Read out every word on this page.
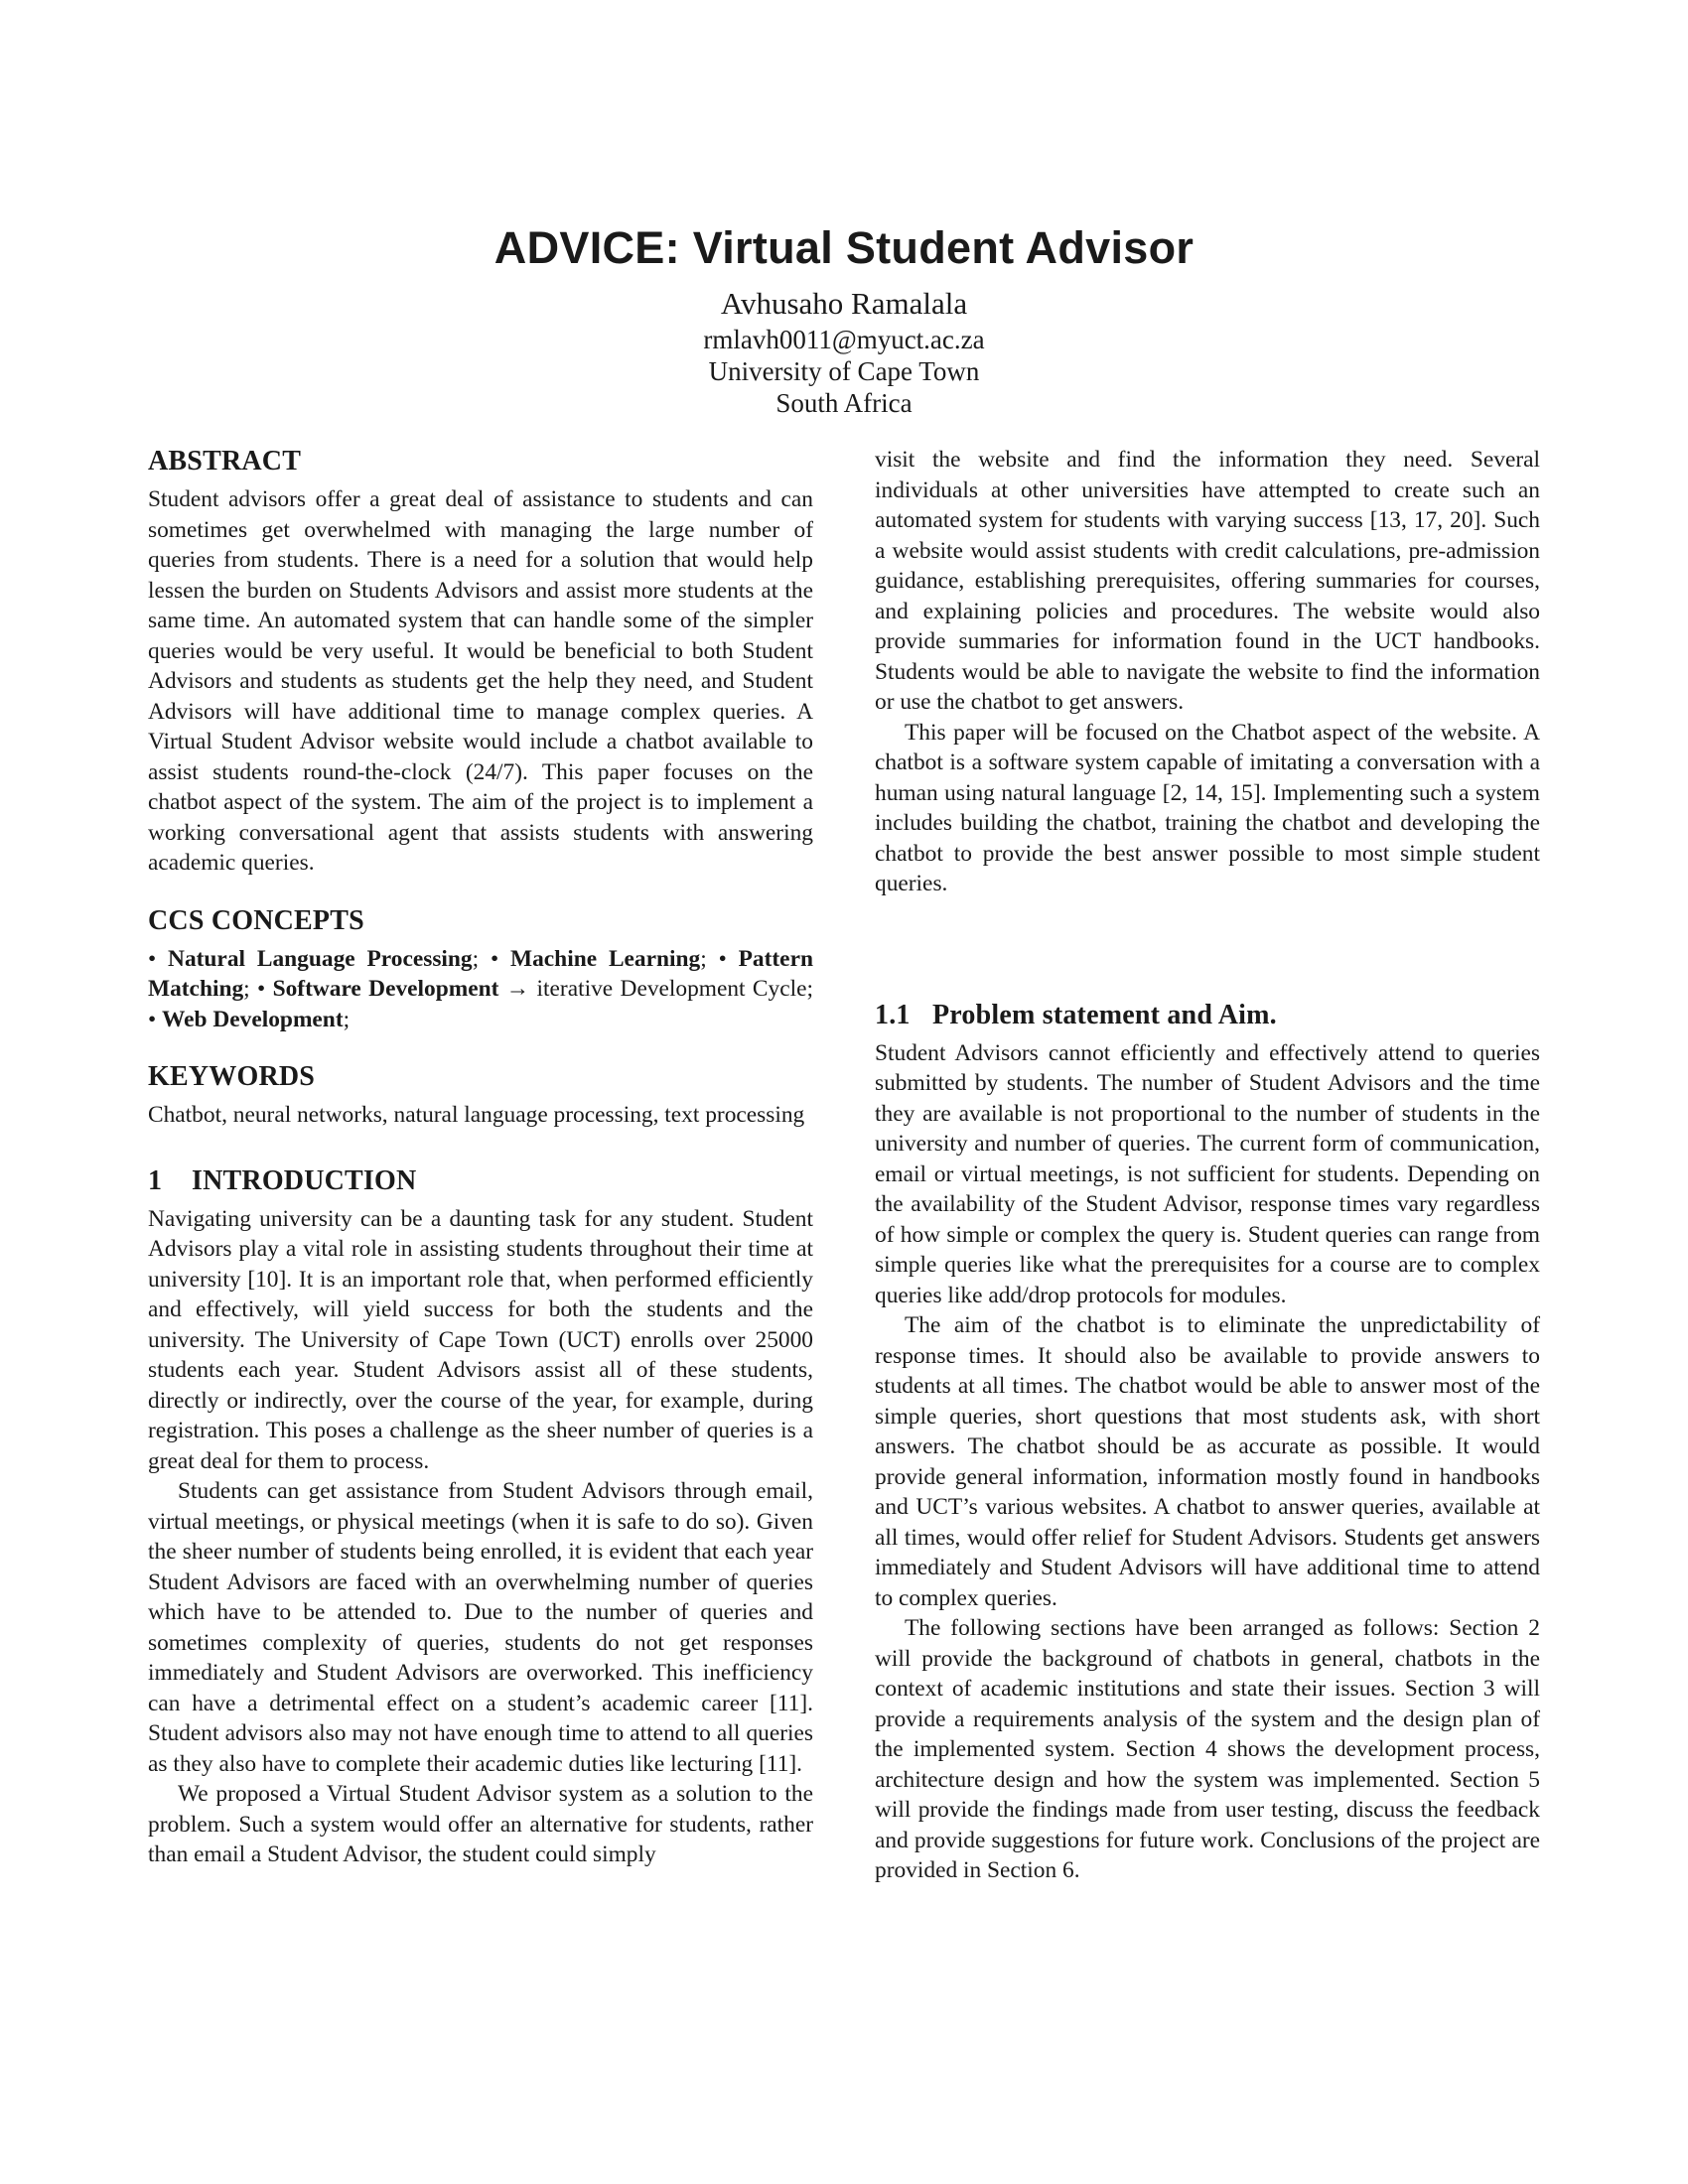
ADVICE: Virtual Student Advisor
Avhusaho Ramalala
rmlavh0011@myuct.ac.za
University of Cape Town
South Africa
ABSTRACT

Student advisors offer a great deal of assistance to students and can sometimes get overwhelmed with managing the large number of queries from students. There is a need for a solution that would help lessen the burden on Students Advisors and assist more students at the same time. An automated system that can handle some of the simpler queries would be very useful. It would be beneficial to both Student Advisors and students as students get the help they need, and Student Advisors will have additional time to manage complex queries. A Virtual Student Advisor website would include a chatbot available to assist students round-the-clock (24/7). This paper focuses on the chatbot aspect of the system. The aim of the project is to implement a working conversational agent that assists students with answering academic queries.

CCS CONCEPTS

• Natural Language Processing; • Machine Learning; • Pattern Matching; • Software Development → iterative Development Cycle; • Web Development;

KEYWORDS

Chatbot, neural networks, natural language processing, text processing

1 INTRODUCTION

Navigating university can be a daunting task for any student. Student Advisors play a vital role in assisting students throughout their time at university [10]. It is an important role that, when performed efficiently and effectively, will yield success for both the students and the university. The University of Cape Town (UCT) enrolls over 25000 students each year. Student Advisors assist all of these students, directly or indirectly, over the course of the year, for example, during registration. This poses a challenge as the sheer number of queries is a great deal for them to process.

Students can get assistance from Student Advisors through email, virtual meetings, or physical meetings (when it is safe to do so). Given the sheer number of students being enrolled, it is evident that each year Student Advisors are faced with an overwhelming number of queries which have to be attended to. Due to the number of queries and sometimes complexity of queries, students do not get responses immediately and Student Advisors are overworked. This inefficiency can have a detrimental effect on a student’s academic career [11]. Student advisors also may not have enough time to attend to all queries as they also have to complete their academic duties like lecturing [11].

We proposed a Virtual Student Advisor system as a solution to the problem. Such a system would offer an alternative for students, rather than email a Student Advisor, the student could simply

visit the website and find the information they need. Several individuals at other universities have attempted to create such an automated system for students with varying success [13, 17, 20]. Such a website would assist students with credit calculations, pre-admission guidance, establishing prerequisites, offering summaries for courses, and explaining policies and procedures. The website would also provide summaries for information found in the UCT handbooks. Students would be able to navigate the website to find the information or use the chatbot to get answers.

This paper will be focused on the Chatbot aspect of the website. A chatbot is a software system capable of imitating a conversation with a human using natural language [2, 14, 15]. Implementing such a system includes building the chatbot, training the chatbot and developing the chatbot to provide the best answer possible to most simple student queries.

1.1 Problem statement and Aim.

Student Advisors cannot efficiently and effectively attend to queries submitted by students. The number of Student Advisors and the time they are available is not proportional to the number of students in the university and number of queries. The current form of communication, email or virtual meetings, is not sufficient for students. Depending on the availability of the Student Advisor, response times vary regardless of how simple or complex the query is. Student queries can range from simple queries like what the prerequisites for a course are to complex queries like add/drop protocols for modules.

The aim of the chatbot is to eliminate the unpredictability of response times. It should also be available to provide answers to students at all times. The chatbot would be able to answer most of the simple queries, short questions that most students ask, with short answers. The chatbot should be as accurate as possible. It would provide general information, information mostly found in handbooks and UCT’s various websites. A chatbot to answer queries, available at all times, would offer relief for Student Advisors. Students get answers immediately and Student Advisors will have additional time to attend to complex queries.

The following sections have been arranged as follows: Section 2 will provide the background of chatbots in general, chatbots in the context of academic institutions and state their issues. Section 3 will provide a requirements analysis of the system and the design plan of the implemented system. Section 4 shows the development process, architecture design and how the system was implemented. Section 5 will provide the findings made from user testing, discuss the feedback and provide suggestions for future work. Conclusions of the project are provided in Section 6.
